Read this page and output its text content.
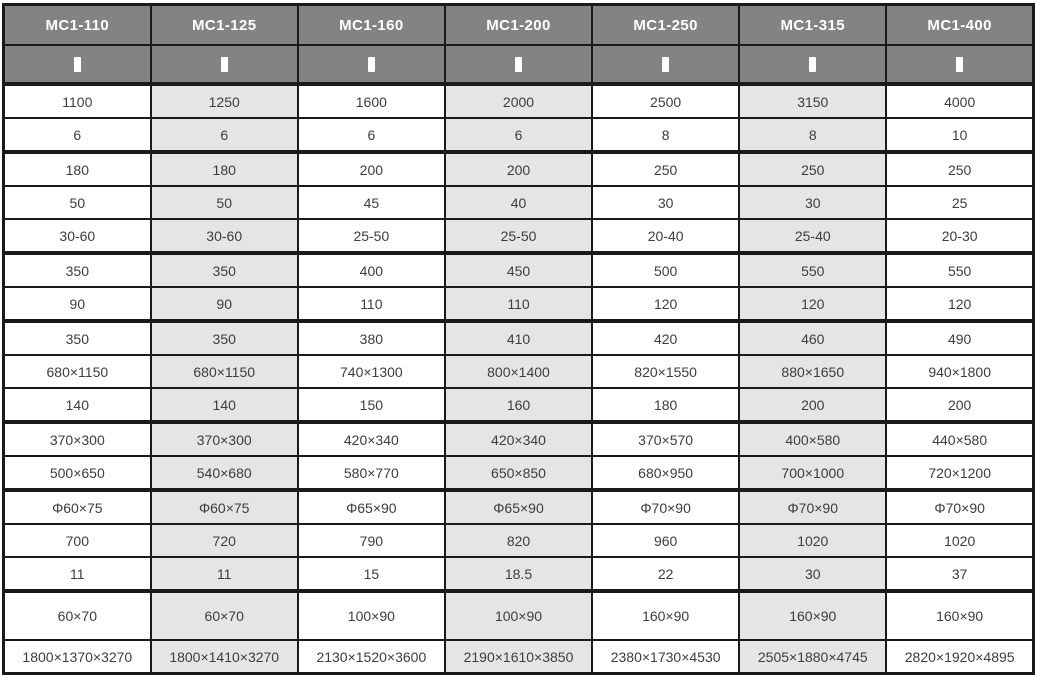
MC1-110	MC1-125	MC1-160	MC1-200	MC1-250	MC1-315	MC1-400

1100	1250	1600	2000	2500	3150	4000
6	6	6	6	8	8	10
180	180	200	200	250	250	250
50	50	45	40	30	30	25
30-60	30-60	25-50	25-50	20-40	25-40	20-30
350	350	400	450	500	550	550
90	90	110	110	120	120	120
350	350	380	410	420	460	490
680×1150	680×1150	740×1300	800×1400	820×1550	880×1650	940×1800
140	140	150	160	180	200	200
370×300	370×300	420×340	420×340	370×570	400×580	440×580
500×650	540×680	580×770	650×850	680×950	700×1000	720×1200
Φ60×75	Φ60×75	Φ65×90	Φ65×90	Φ70×90	Φ70×90	Φ70×90
700	720	790	820	960	1020	1020
11	11	15	18.5	22	30	37
60×70	60×70	100×90	100×90	160×90	160×90	160×90
1800×1370×3270	1800×1410×3270	2130×1520×3600	2190×1610×3850	2380×1730×4530	2505×1880×4745	2820×1920×4895
